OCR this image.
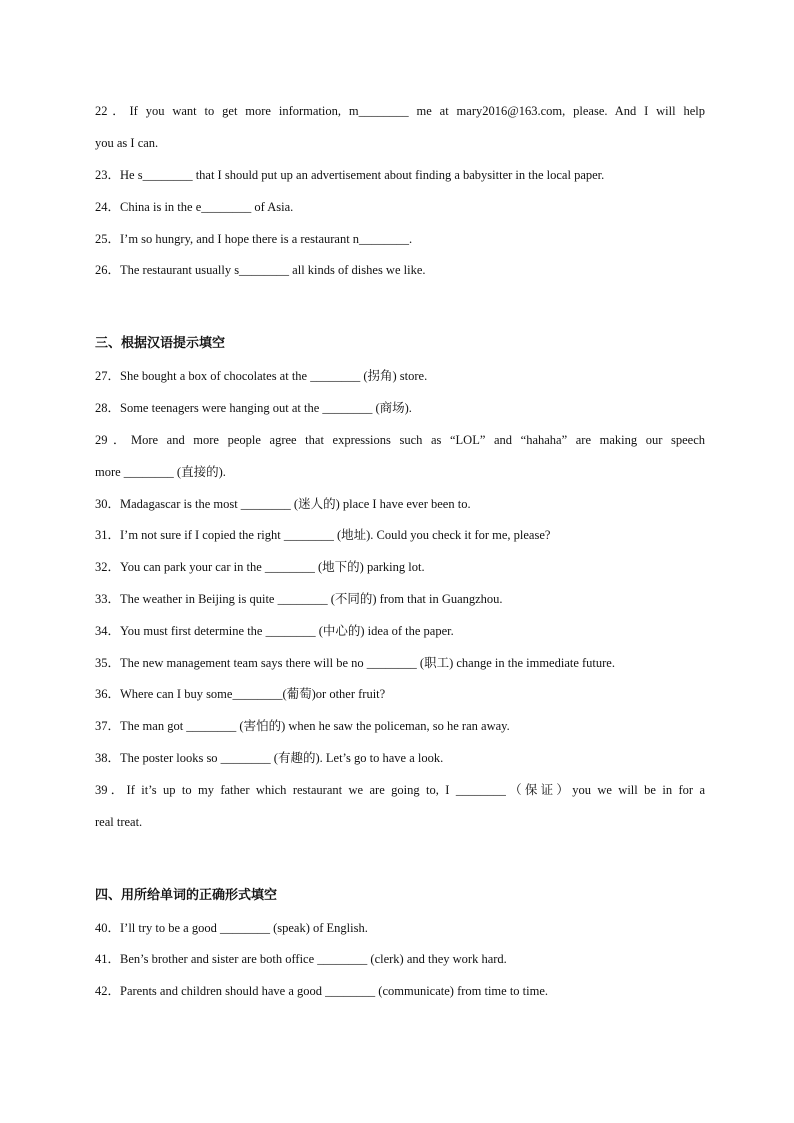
22．If you want to get more information, m________ me at mary2016@163.com, please. And I will help
you as I can.
23．He s________ that I should put up an advertisement about finding a babysitter in the local paper.
24．China is in the e________ of Asia.
25．I’m so hungry, and I hope there is a restaurant n________.
26．The restaurant usually s________ all kinds of dishes we like.
三、根据汉语提示填空
27．She bought a box of chocolates at the ________ (拐角) store.
28．Some teenagers were hanging out at the ________ (商场).
29．More and more people agree that expressions such as “LOL” and “hahaha” are making our speech
more ________ (直接的).
30．Madagascar is the most ________ (迷人的) place I have ever been to.
31．I’m not sure if I copied the right ________ (地址). Could you check it for me, please?
32．You can park your car in the ________ (地下的) parking lot.
33．The weather in Beijing is quite ________ (不同的) from that in Guangzhou.
34．You must first determine the ________ (中心的) idea of the paper.
35．The new management team says there will be no ________ (职工) change in the immediate future.
36．Where can I buy some________(葡萄)or other fruit?
37．The man got ________ (害怕的) when he saw the policeman, so he ran away.
38．The poster looks so ________ (有趣的). Let’s go to have a look.
39．If it’s up to my father which restaurant we are going to, I ________（保证）you we will be in for a
real treat.
四、用所给单词的正确形式填空
40．I’ll try to be a good ________ (speak) of English.
41．Ben’s brother and sister are both office ________ (clerk) and they work hard.
42．Parents and children should have a good ________ (communicate) from time to time.
